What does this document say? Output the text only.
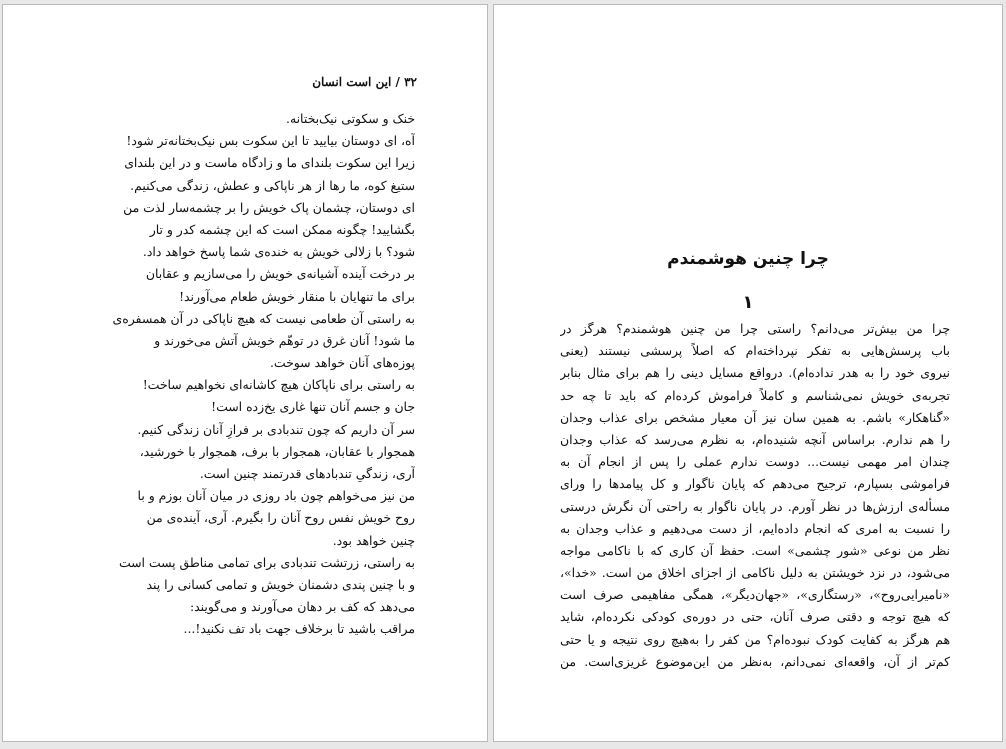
۳۲ / این است انسان
خنک و سکوتی نیک‌بختانه.
آه، ای دوستان بیایید تا این سکوت بس نیک‌بختانه‌تر شود!
زیرا این سکوت بلندای ما و زادگاه ماست و در این بلندای
ستیغ کوه، ما رها از هر ناپاکی و عطش، زندگی می‌کنیم.
ای دوستان، چشمان پاک خویش را بر چشمه‌سار لذت من
بگشایید! چگونه ممکن است که این چشمه کدر و تار
شود؟ با زلالی خویش به خنده‌ی شما پاسخ خواهد داد.
بر درخت آینده آشیانه‌ی خویش را می‌سازیم و عقابان
برای ما تنهایان با منقار خویش طعام می‌آورند!
به راستی آن طعامی نیست که هیچ ناپاکی در آن همسفره‌ی
ما شود! آنان غرق در توهّم خویش آتش می‌خورند و
پوزه‌های آنان خواهد سوخت.
به راستی برای ناپاکان هیچ کاشانه‌ای نخواهیم ساخت!
جان و جسم آنان تنها غاری یخ‌زده است!
سر آن داریم که چون تندبادی بر فرازِ آنان زندگی کنیم.
همجوار با عقابان، همجوار با برف، همجوار با خورشید،
آری، زندگیِ تندبادهای قدرتمند چنین است.
من نیز می‌خواهم چون باد روزی در میان آنان بوزم و با
روح خویش نفس روح آنان را بگیرم. آری، آینده‌ی من
چنین خواهد بود.
به راستی، زرتشت تندبادی برای تمامی مناطق پست است
و با چنین پندی دشمنان خویش و تمامی کسانی را پند
می‌دهد که کف بر دهان می‌آورند و می‌گویند:
مراقب باشید تا برخلاف جهت باد تف نکنید!...
چرا چنین هوشمندم
۱
چرا من بیش‌تر می‌دانم؟ راستی چرا من چنین هوشمندم؟ هرگز در
باب پرسش‌هایی به تفکر نپرداخته‌ام که اصلاً پرسشی نیستند (یعنی
نیروی خود را به هدر نداده‌ام). درواقع مسایل دینی را هم برای مثال بنابر
تجربه‌ی خویش نمی‌شناسم و کاملاً فراموش کرده‌ام که باید تا چه حد
«گناهکار» باشم. به همین سان نیز آن معیار مشخص برای عذاب وجدان
را هم ندارم. براساس آنچه شنیده‌ام، به نظرم می‌رسد که عذاب وجدان
چندان امر مهمی نیست... دوست ندارم عملی را پس از انجام آن به
فراموشی بسپارم، ترجیح می‌دهم که پایان ناگوار و کل پیامدها را ورای
مسأله‌ی ارزش‌ها در نظر آورم. در پایان ناگوار به راحتی آن نگرش درستی
را نسبت به امری که انجام داده‌ایم، از دست می‌دهیم و عذاب وجدان به
نظر من نوعی «شور چشمی» است. حفظ آن کاری که با ناکامی مواجه
می‌شود، در نزد خویشتن به دلیل ناکامی از اجزای اخلاق من است. «خدا»،
«نامیرایی‌روح»، «رستگاری»، «جهان‌دیگر»، همگی مفاهیمی صرف است
که هیچ توجه و دقتی صرف آنان، حتی در دوره‌ی کودکی نکرده‌ام، شاید
هم هرگز به کفایت کودک نبوده‌ام؟ من کفر را به‌هیچ روی نتیجه و یا حتی
کم‌تر از آن، واقعه‌ای نمی‌دانم، به‌نظر من این‌موضوع غریزی‌است. من
